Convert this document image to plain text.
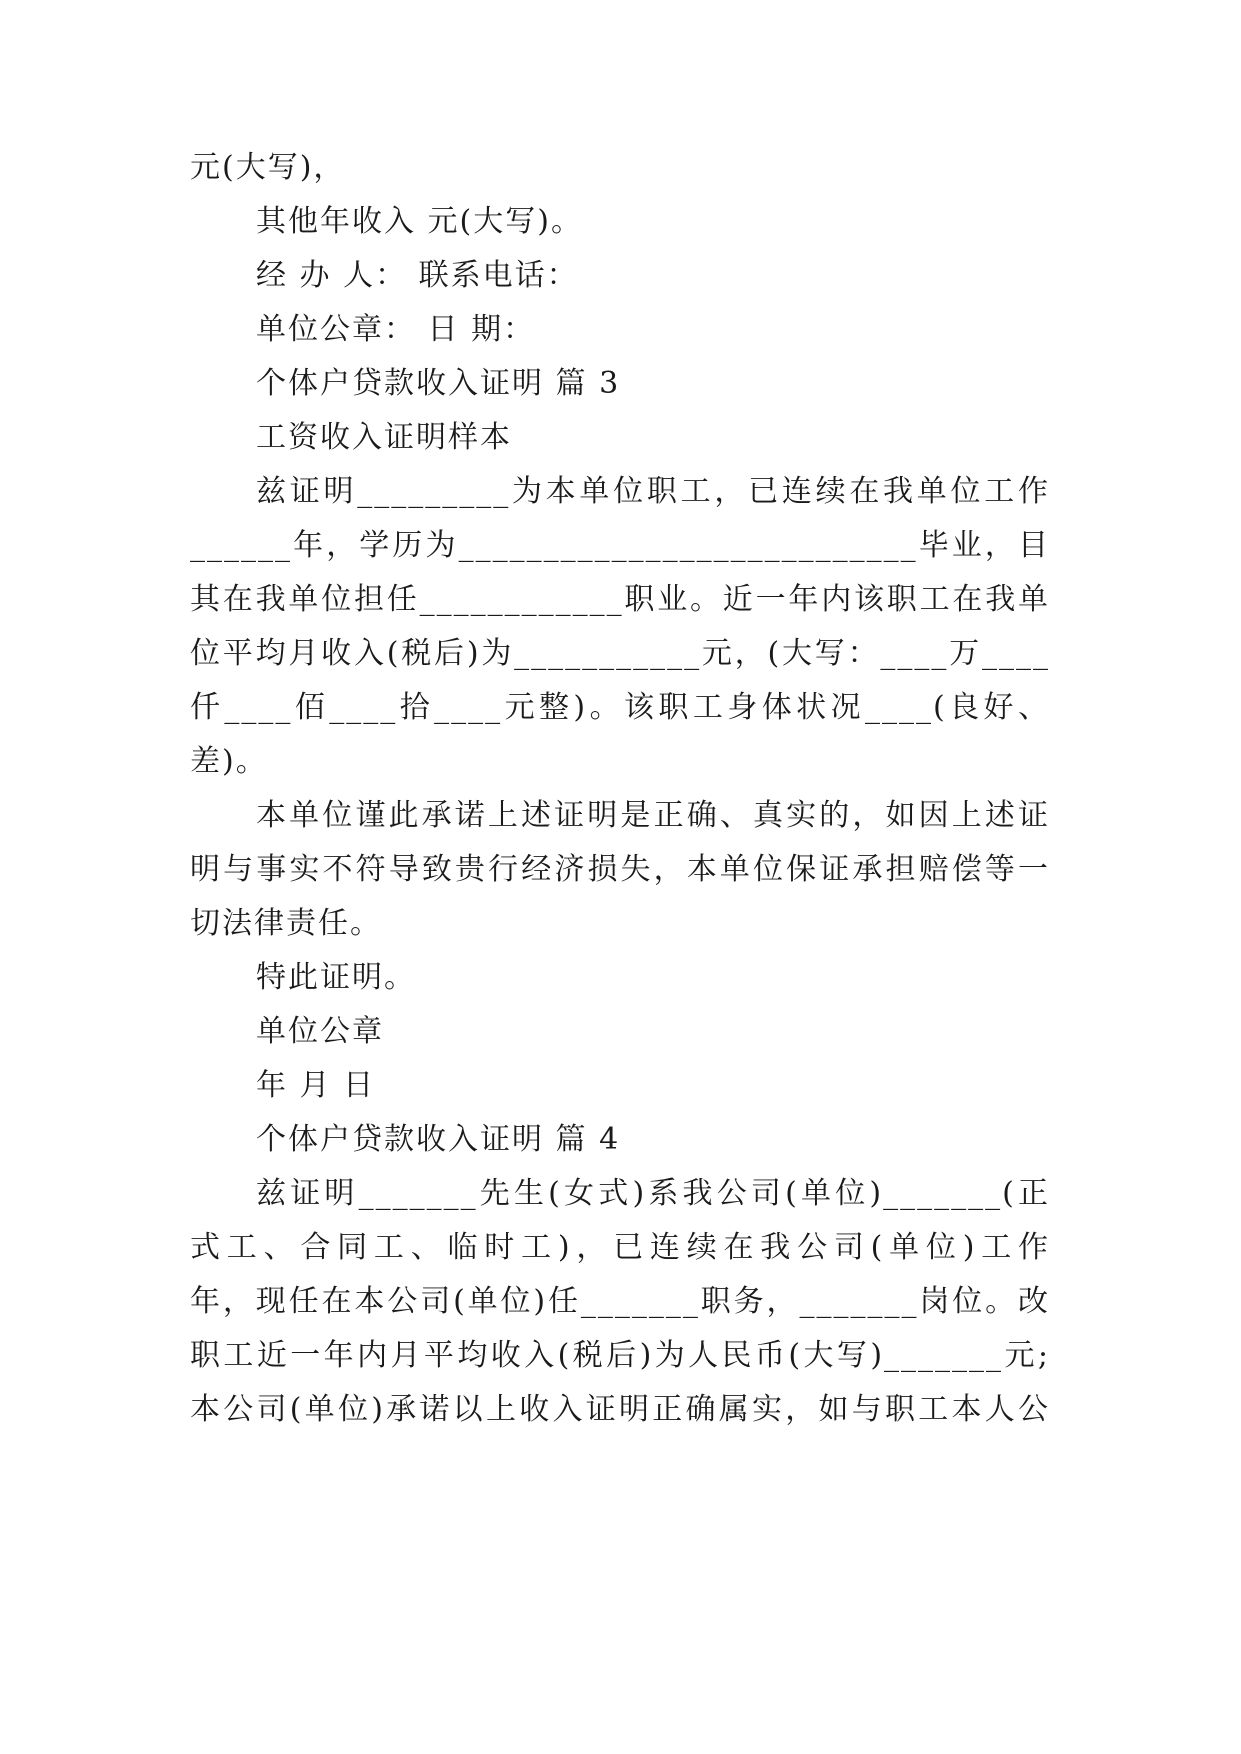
元(大写)，
其他年收入 元(大写)。
经 办 人： 联系电话：
单位公章： 日 期：
个体户贷款收入证明 篇 3
工资收入证明样本
兹证明_________为本单位职工，已连续在我单位工作
______年，学历为___________________________毕业，目
其在我单位担任____________职业。近一年内该职工在我单
位平均月收入(税后)为___________元，(大写：____万____
仟____佰____拾____元整)。该职工身体状况____(良好、
差)。
本单位谨此承诺上述证明是正确、真实的，如因上述证
明与事实不符导致贵行经济损失，本单位保证承担赔偿等一
切法律责任。
特此证明。
单位公章
年 月 日
个体户贷款收入证明 篇 4
兹证明_______先生(女式)系我公司(单位)_______(正
式工、合同工、临时工)，已连续在我公司(单位)工作
年，现任在本公司(单位)任_______职务，_______岗位。改
职工近一年内月平均收入(税后)为人民币(大写)_______元;
本公司(单位)承诺以上收入证明正确属实，如与职工本人公
